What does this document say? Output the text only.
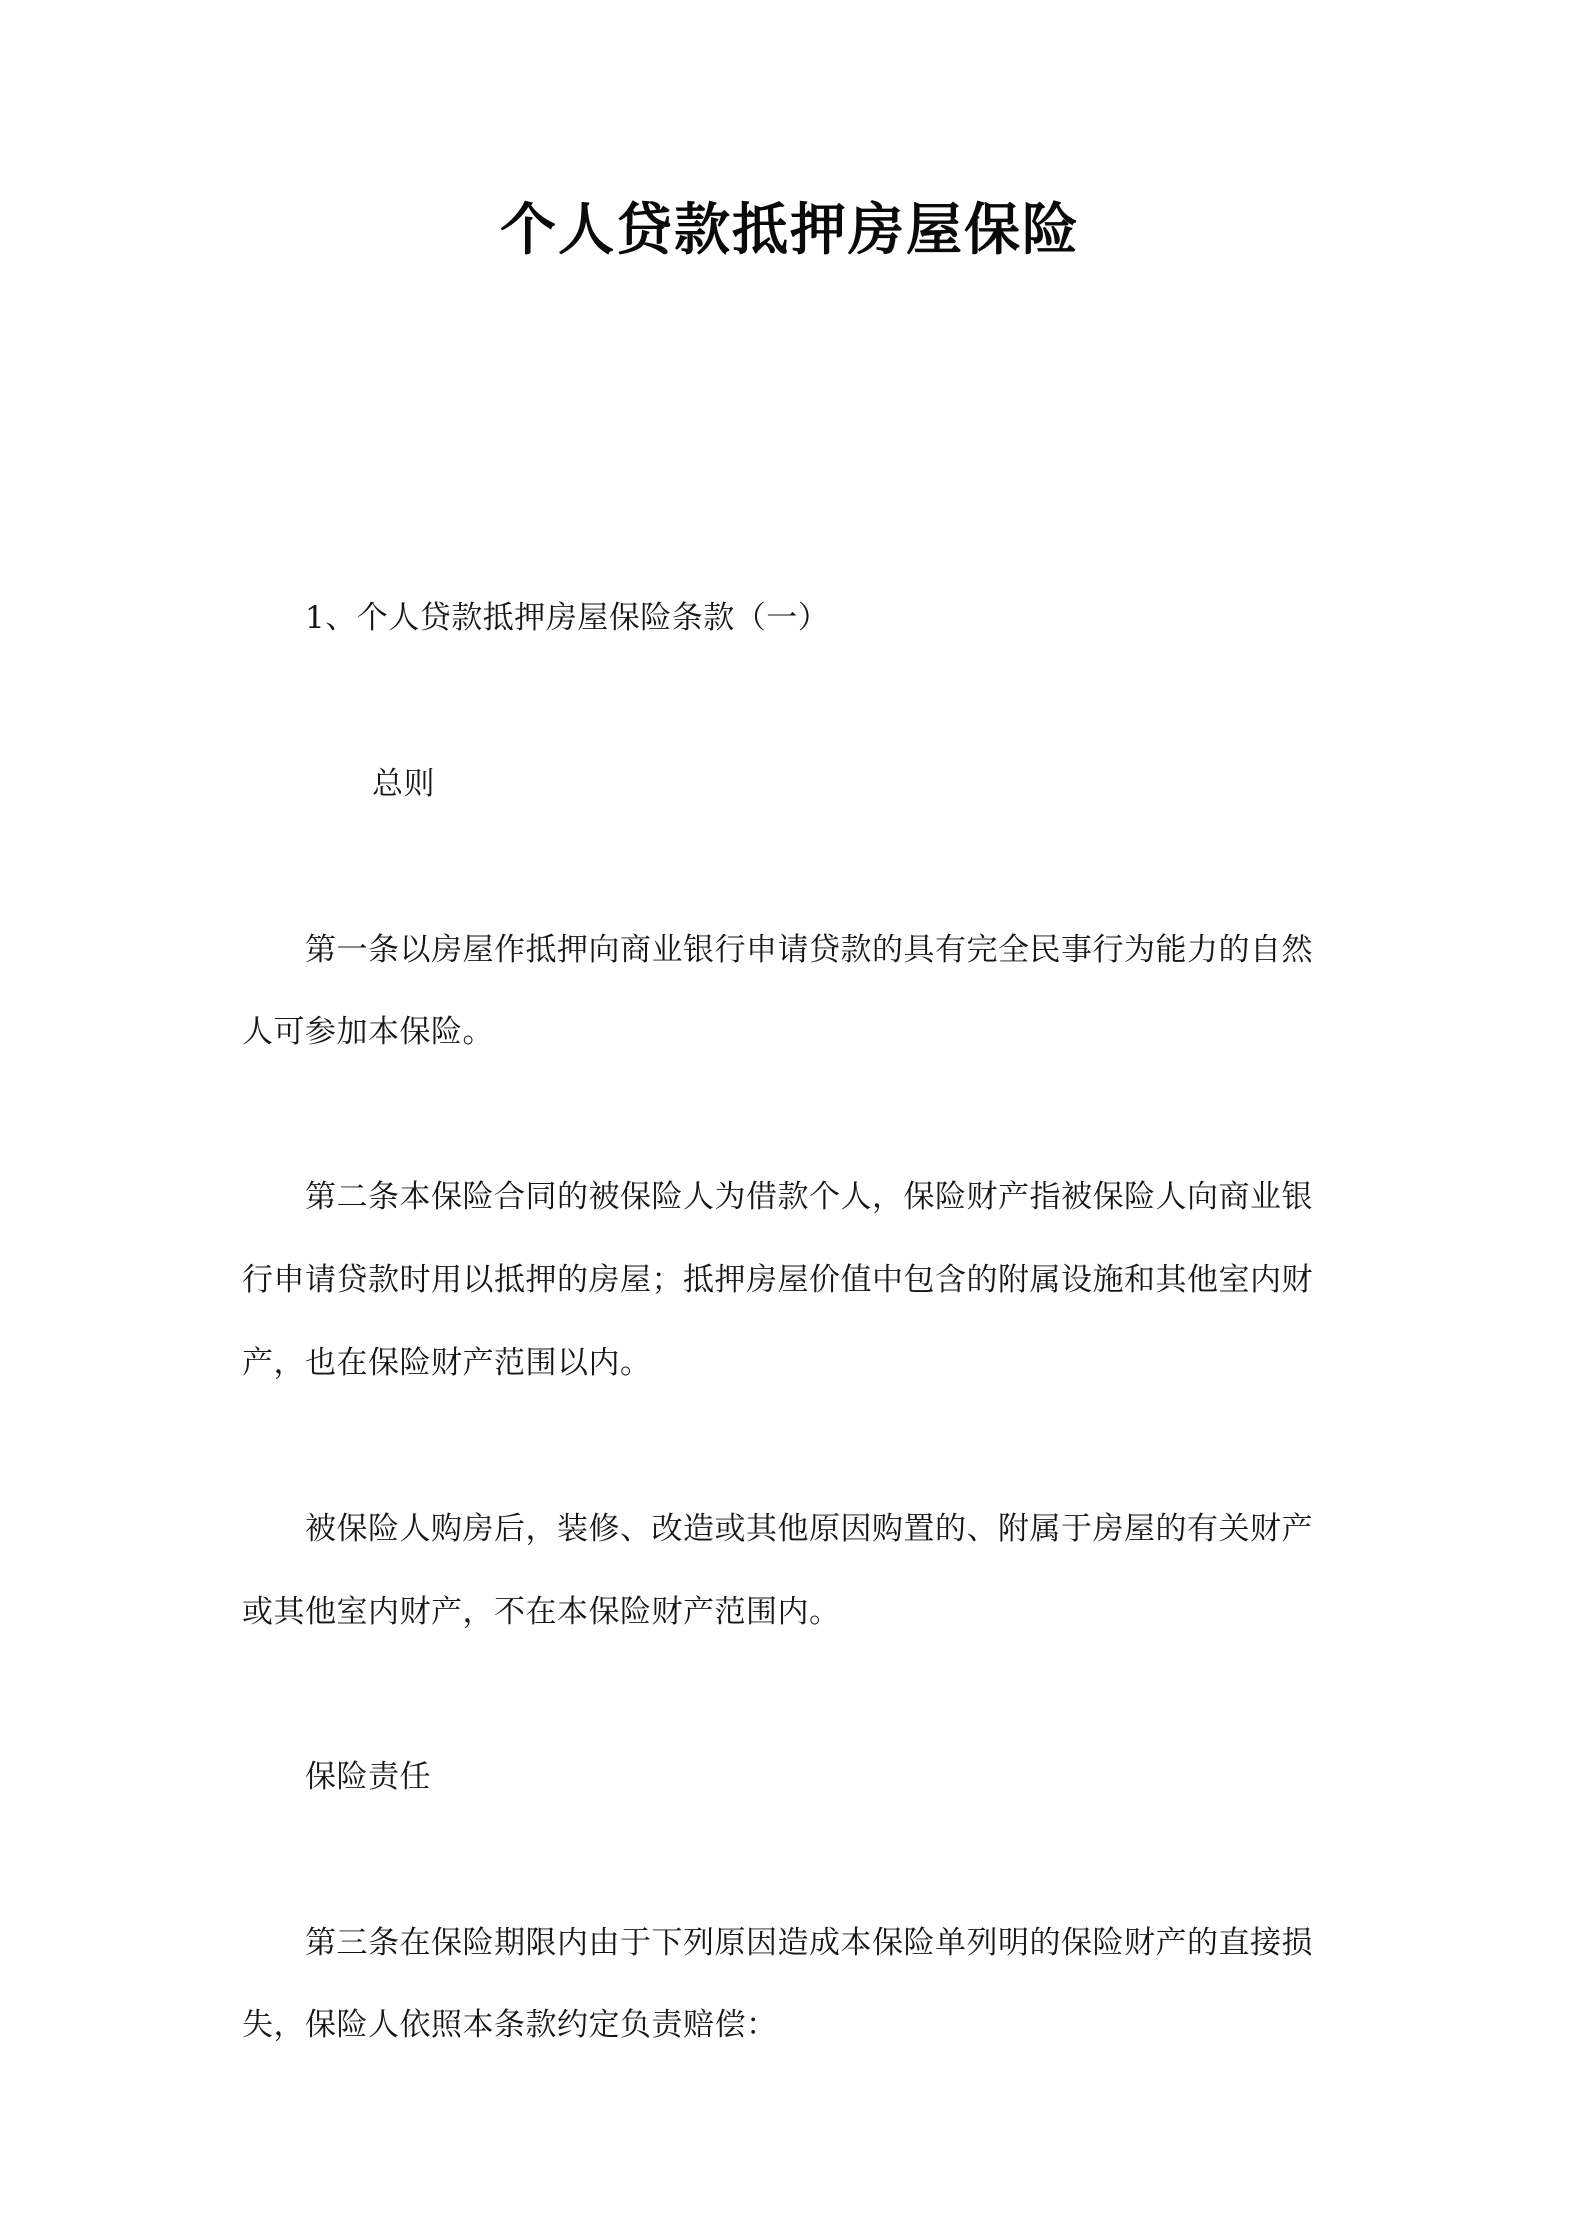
个人贷款抵押房屋保险
1、个人贷款抵押房屋保险条款（一）
总则
第一条以房屋作抵押向商业银行申请贷款的具有完全民事行为能力的自然
人可参加本保险。
第二条本保险合同的被保险人为借款个人，保险财产指被保险人向商业银
行申请贷款时用以抵押的房屋；抵押房屋价值中包含的附属设施和其他室内财
产，也在保险财产范围以内。
被保险人购房后，装修、改造或其他原因购置的、附属于房屋的有关财产
或其他室内财产，不在本保险财产范围内。
保险责任
第三条在保险期限内由于下列原因造成本保险单列明的保险财产的直接损
失，保险人依照本条款约定负责赔偿：
